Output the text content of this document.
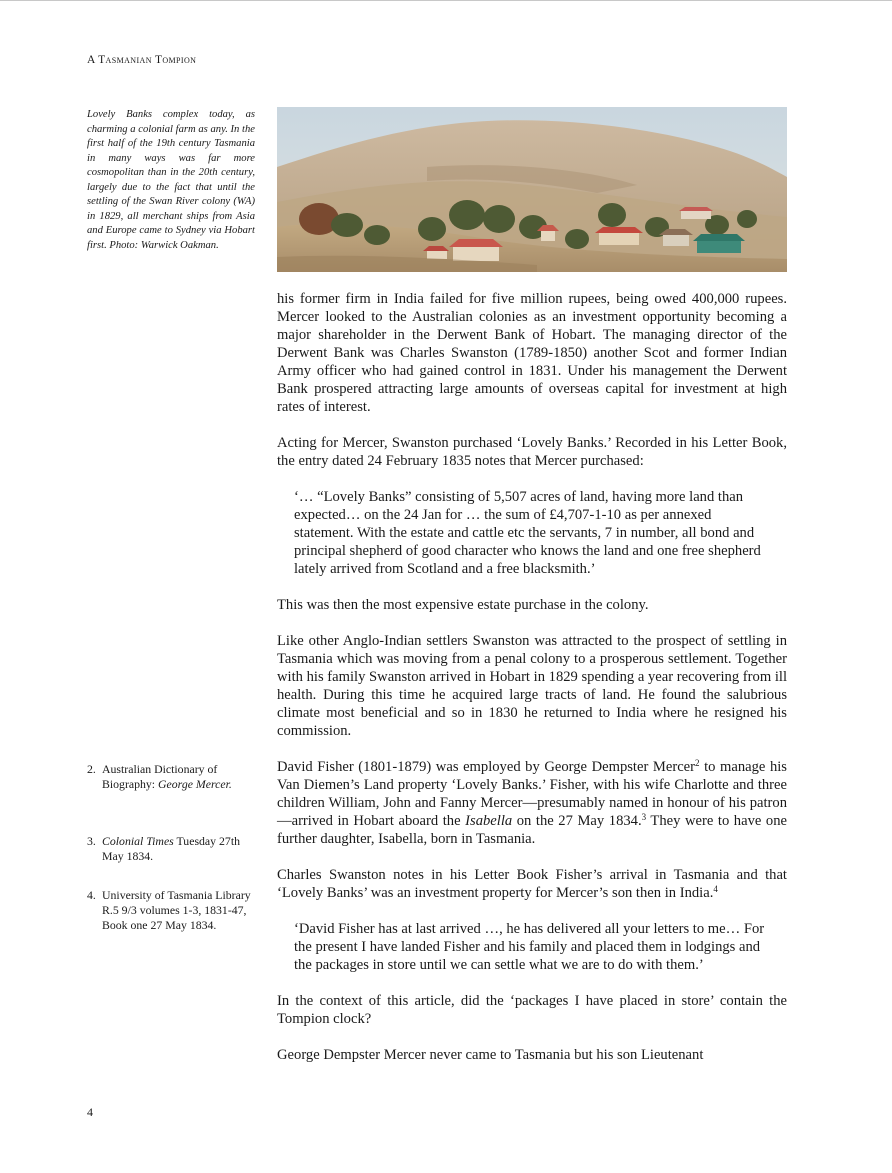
A Tasmanian Tompion
Lovely Banks complex today, as charming a colonial farm as any. In the first half of the 19th century Tasmania in many ways was far more cosmopolitan than in the 20th century, largely due to the fact that until the settling of the Swan River colony (WA) in 1829, all merchant ships from Asia and Europe came to Sydney via Hobart first. Photo: Warwick Oakman.

his former firm in India failed for five million rupees, being owed 400,000 rupees. Mercer looked to the Australian colonies as an investment opportunity becoming a major shareholder in the Derwent Bank of Hobart. The managing director of the Derwent Bank was Charles Swanston (1789-1850) another Scot and former Indian Army officer who had gained control in 1831. Under his management the Derwent Bank prospered attracting large amounts of overseas capital for investment at high rates of interest.

Acting for Mercer, Swanston purchased ‘Lovely Banks.’ Recorded in his Letter Book, the entry dated 24 February 1835 notes that Mercer purchased:

‘… “Lovely Banks” consisting of 5,507 acres of land, having more land than expected… on the 24 Jan for … the sum of £4,707-1-10 as per annexed statement. With the estate and cattle etc the servants, 7 in number, all bond and principal shepherd of good character who knows the land and one free shepherd lately arrived from Scotland and a free blacksmith.’

This was then the most expensive estate purchase in the colony.

Like other Anglo-Indian settlers Swanston was attracted to the prospect of settling in Tasmania which was moving from a penal colony to a prosperous settlement. Together with his family Swanston arrived in Hobart in 1829 spending a year recovering from ill health. During this time he acquired large tracts of land. He found the salubrious climate most beneficial and so in 1830 he returned to India where he resigned his commission.

David Fisher (1801-1879) was employed by George Dempster Mercer$^2$ to manage his Van Diemen’s Land property ‘Lovely Banks.’ Fisher, with his wife Charlotte and three children William, John and Fanny Mercer—presumably named in honour of his patron—arrived in Hobart aboard the Isabella on the 27 May 1834.$^3$ They were to have one further daughter, Isabella, born in Tasmania.

Charles Swanston notes in his Letter Book Fisher’s arrival in Tasmania and that ‘Lovely Banks’ was an investment property for Mercer’s son then in India.$^4$

‘David Fisher has at last arrived …, he has delivered all your letters to me… For the present I have landed Fisher and his family and placed them in lodgings and the packages in store until we can settle what we are to do with them.’

In the context of this article, did the ‘packages I have placed in store’ contain the Tompion clock?

George Dempster Mercer never came to Tasmania but his son Lieutenant

2. Australian Dictionary of Biography: George Mercer.
3. Colonial Times Tuesday 27th May 1834.
4. University of Tasmania Library R.5 9/3 volumes 1-3, 1831-47, Book one 27 May 1834.
4
